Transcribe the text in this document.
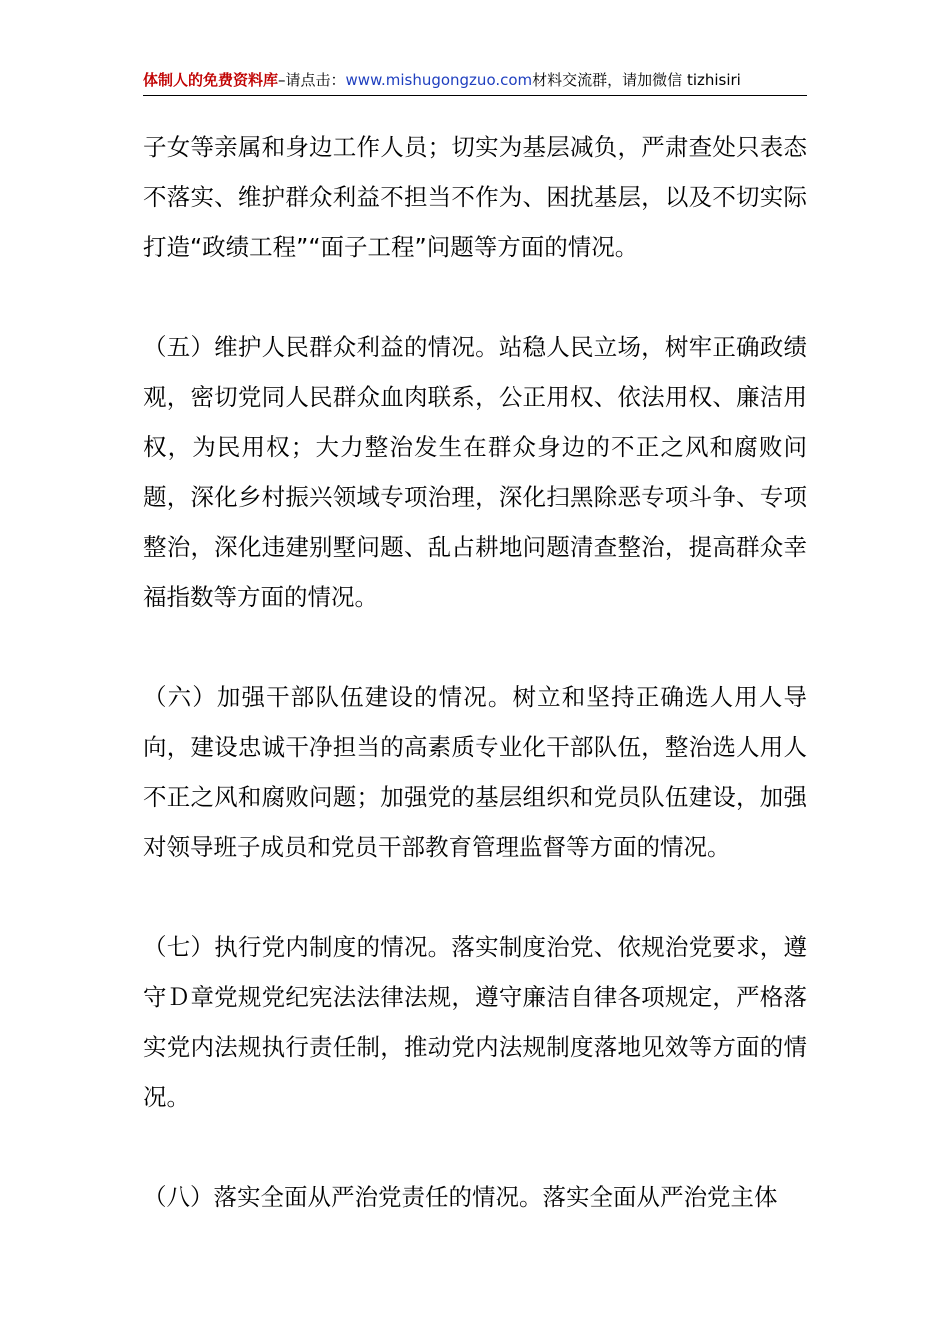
体制人的免费资料库–请点击：www.mishugongzuo.com材料交流群，请加微信 tizhisiri

子女等亲属和身边工作人员；切实为基层减负，严肃查处只表态不落实、维护群众利益不担当不作为、困扰基层，以及不切实际打造“政绩工程”“面子工程”问题等方面的情况。

（五）维护人民群众利益的情况。站稳人民立场，树牢正确政绩观，密切党同人民群众血肉联系，公正用权、依法用权、廉洁用权，为民用权；大力整治发生在群众身边的不正之风和腐败问题，深化乡村振兴领域专项治理，深化扫黑除恶专项斗争、专项整治，深化违建别墅问题、乱占耕地问题清查整治，提高群众幸福指数等方面的情况。

（六）加强干部队伍建设的情况。树立和坚持正确选人用人导向，建设忠诚干净担当的高素质专业化干部队伍，整治选人用人不正之风和腐败问题；加强党的基层组织和党员队伍建设，加强对领导班子成员和党员干部教育管理监督等方面的情况。

（七）执行党内制度的情况。落实制度治党、依规治党要求，遵守Ｄ章党规党纪宪法法律法规，遵守廉洁自律各项规定，严格落实党内法规执行责任制，推动党内法规制度落地见效等方面的情况。

（八）落实全面从严治党责任的情况。落实全面从严治党主体
